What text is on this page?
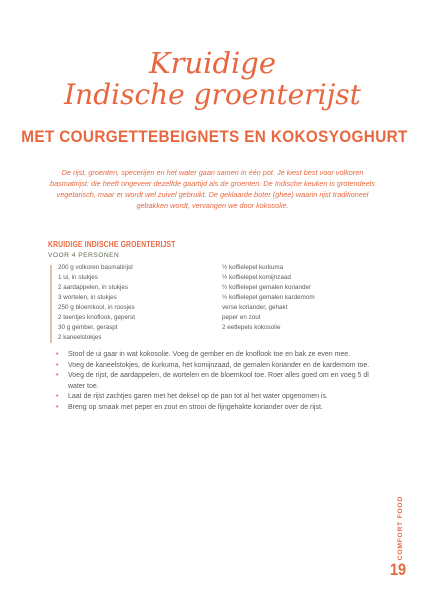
Kruidige
Indische groenterijst
MET COURGETTEBEIGNETS EN KOKOSYOGHURT
De rijst, groenten, specerijen en het water gaan samen in één pot. Je kiest best voor volkoren basmatirijst: die heeft ongeveer dezelfde gaartijd als de groenten. De Indische keuken is grotendeels vegetarisch, maar er wordt wel zuivel gebruikt. De geklaarde boter (ghee) waarin rijst traditioneel gebakken wordt, vervangen we door kokosolie.
KRUIDIGE INDISCHE GROENTERIJST
VOOR 4 PERSONEN
200 g volkoren basmatirijst
1 ui, in stukjes
2 aardappelen, in stukjes
3 wortelen, in stukjes
250 g bloemkool, in roosjes
2 teentjes knoflook, geperst
30 g gember, geraspt
2 kaneelstokjes
½ koffielepel kurkuma
½ koffielepel komijnzaad
½ koffielepel gemalen koriander
½ koffielepel gemalen kardemom
verse koriander, gehakt
peper en zout
2 eetlepels kokosolie
• Stoof de ui gaar in wat kokosolie. Voeg de gember en de knoflook toe en bak ze even mee.
• Voeg de kaneelstokjes, de kurkuma, het komijnzaad, de gemalen koriander en de kardemom toe.
• Voeg de rijst, de aardappelen, de wortelen en de bloemkool toe. Roer alles goed om en voeg 5 dl water toe.
• Laat de rijst zachtjes garen met het deksel op de pan tot al het water opgenomen is.
• Breng op smaak met peper en zout en strooi de fijngehakte koriander over de rijst.
COMFORT FOOD
19
